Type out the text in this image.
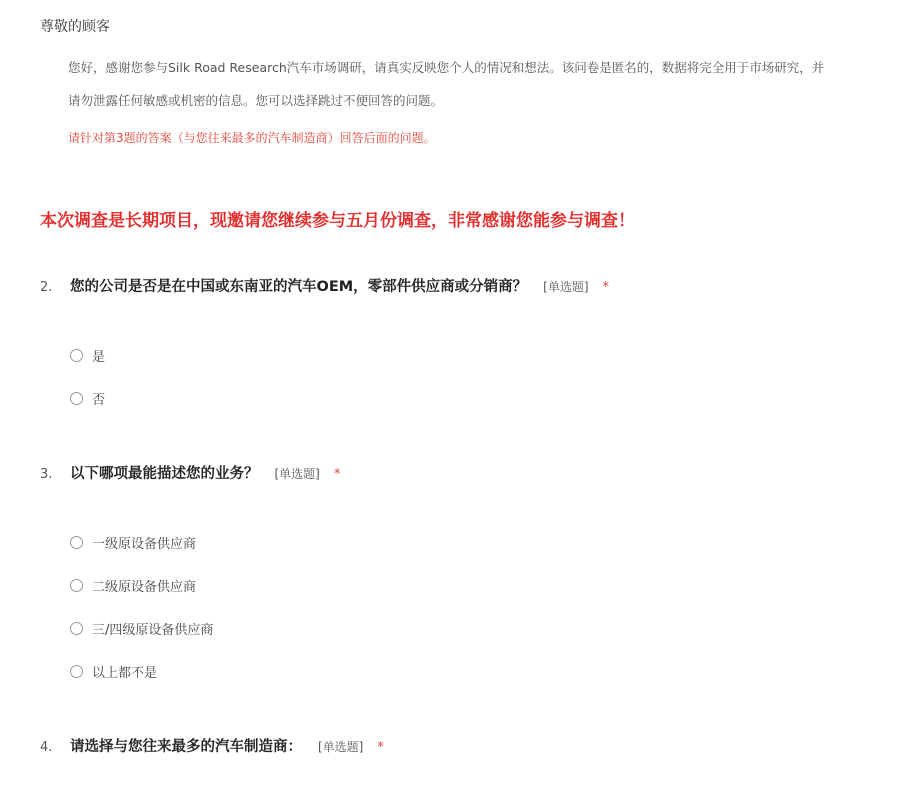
尊敬的顾客
您好，感谢您参与Silk Road Research汽车市场调研，请真实反映您个人的情况和想法。该问卷是匿名的，数据将完全用于市场研究，并
请勿泄露任何敏感或机密的信息。您可以选择跳过不便回答的问题。
请针对第3题的答案（与您往来最多的汽车制造商）回答后面的问题。
本次调查是长期项目，现邀请您继续参与五月份调查，非常感谢您能参与调查！
2.	您的公司是否是在中国或东南亚的汽车OEM，零部件供应商或分销商？ [单选题] *
是
否
3.	以下哪项最能描述您的业务？ [单选题] *
一级原设备供应商
二级原设备供应商
三/四级原设备供应商
以上都不是
4.	请选择与您往来最多的汽车制造商： [单选题] *
